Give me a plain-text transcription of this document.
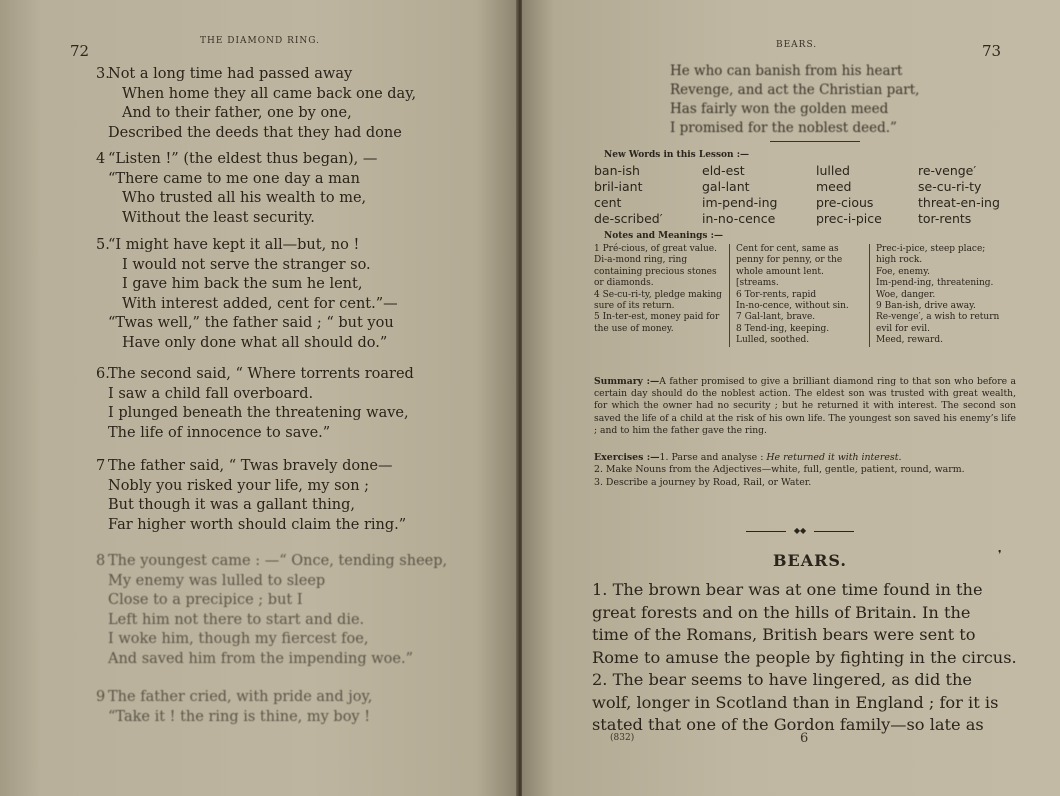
72
THE DIAMOND RING.
3.
Not a long time had passed away
When home they all came back one day,
And to their father, one by one,
Described the deeds that they had done
4 “Listen !” (the eldest thus began), —
“There came to me one day a man
Who trusted all his wealth to me,
Without the least security.
5.
“I might have kept it all—but, no !
I would not serve the stranger so.
I gave him back the sum he lent,
With interest added, cent for cent.”—
“Twas well,” the father said ; “ but you
Have only done what all should do.”
6.
The second said, “ Where torrents roared
I saw a child fall overboard.
I plunged beneath the threatening wave,
The life of innocence to save.”
7 The father said, “ Twas bravely done—
Nobly you risked your life, my son ;
But though it was a gallant thing,
Far higher worth should claim the ring.”
8 The youngest came : —“ Once, tending sheep,
My enemy was lulled to sleep
Close to a precipice ; but I
Left him not there to start and die.
I woke him, though my fiercest foe,
And saved him from the impending woe.”
9 The father cried, with pride and joy,
“Take it ! the ring is thine, my boy !
BEARS.	73
He who can banish from his heart
Revenge, and act the Christian part,
Has fairly won the golden meed
I promised for the noblest deed.”
New Words in this Lesson :—
ban-ish	eld-est	lulled	re-venge′
bril-iant	gal-lant	meed	se-cu-ri-ty
cent	im-pend-ing	pre-cious	threat-en-ing
de-scribed′	in-no-cence	prec-i-pice	tor-rents
Notes and Meanings :—
1 Pré-cious, of great value.
Di-a-mond ring, ring containing precious stones or diamonds.
4 Se-cu-ri-ty, pledge making sure of its return.
5 In-ter-est, money paid for the use of money.
Cent for cent, same as penny for penny, or the whole amount lent. [streams.
6 Tor-rents, rapid
In-no-cence, without sin.
7 Gal-lant, brave.
8 Tend-ing, keeping.
Lulled, soothed.
Prec-i-pice, steep place; high rock.
Foe, enemy.
Im-pend-ing, threatening.
Woe, danger.
9 Ban-ish, drive away.
Re-venge′, a wish to return evil for evil.
Meed, reward.
Summary :—A father promised to give a brilliant diamond ring to that son who before a certain day should do the noblest action. The eldest son was trusted with great wealth, for which the owner had no security ; but he returned it with interest. The second son saved the life of a child at the risk of his own life. The youngest son saved his enemy’s life ; and to him the father gave the ring.
Exercises :—1. Parse and analyse : He returned it with interest.
2. Make Nouns from the Adjectives—white, full, gentle, patient, round, warm.
3. Describe a journey by Road, Rail, or Water.
◆◆
BEARS.	❜
1. The brown bear was at one time found in the
great forests and on the hills of Britain. In the
time of the Romans, British bears were sent to
Rome to amuse the people by fighting in the circus.
2. The bear seems to have lingered, as did the
wolf, longer in Scotland than in England ; for it is
stated that one of the Gordon family—so late as
(832)	6
